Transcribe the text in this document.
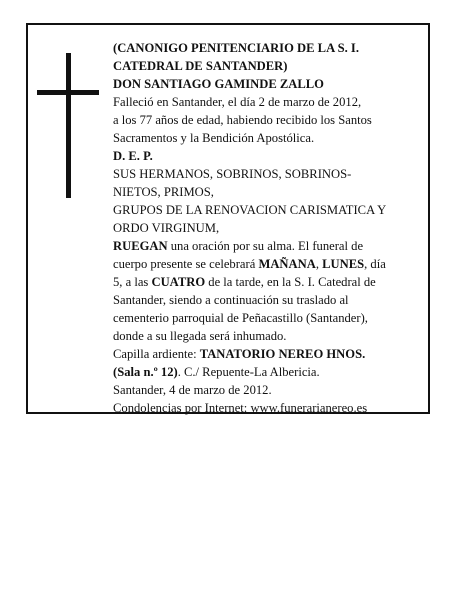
(CANONIGO PENITENCIARIO DE LA S. I.

CATEDRAL DE SANTANDER)

DON SANTIAGO GAMINDE ZALLO

Falleció en Santander, el día 2 de marzo de 2012,

a los 77 años de edad, habiendo recibido los Santos

Sacramentos y la Bendición Apostólica.

D. E. P.

SUS HERMANOS, SOBRINOS, SOBRINOS-

NIETOS, PRIMOS,

GRUPOS DE LA RENOVACION CARISMATICA Y

ORDO VIRGINUM,

RUEGAN una oración por su alma. El funeral de

cuerpo presente se celebrará MAÑANA, LUNES, día

5, a las CUATRO de la tarde, en la S. I. Catedral de

Santander, siendo a continuación su traslado al

cementerio parroquial de Peñacastillo (Santander),

donde a su llegada será inhumado.

Capilla ardiente: TANATORIO NEREO HNOS.

(Sala n.º 12). C./ Repuente-La Albericia.

Santander, 4 de marzo de 2012.

Condolencias por Internet: www.funerarianereo.es
